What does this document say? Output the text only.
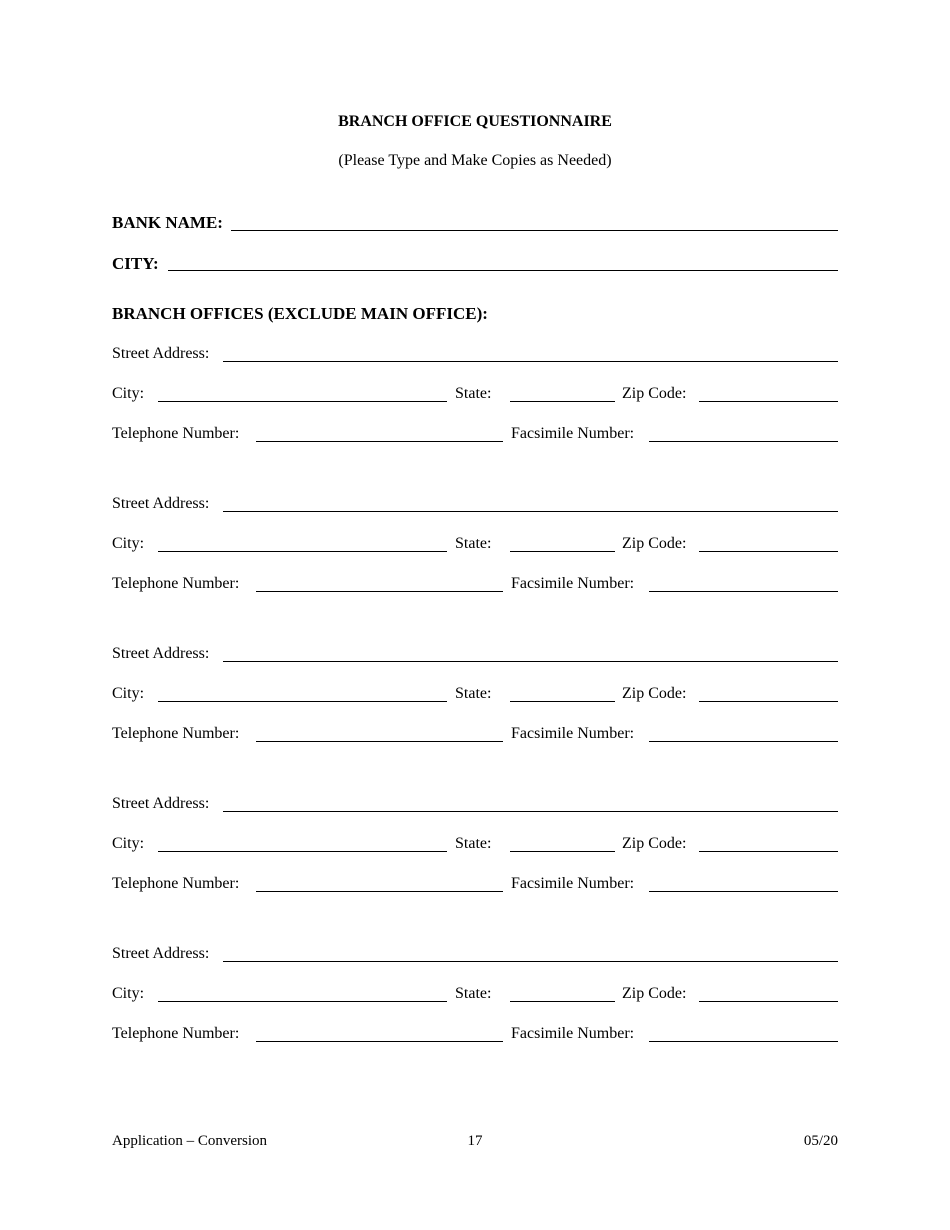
BRANCH OFFICE QUESTIONNAIRE
(Please Type and Make Copies as Needed)
BANK NAME:
CITY:
BRANCH OFFICES (EXCLUDE MAIN OFFICE):
Street Address:
City:	State:	Zip Code:
Telephone Number:	Facsimile Number:
Street Address:
City:	State:	Zip Code:
Telephone Number:	Facsimile Number:
Street Address:
City:	State:	Zip Code:
Telephone Number:	Facsimile Number:
Street Address:
City:	State:	Zip Code:
Telephone Number:	Facsimile Number:
Street Address:
City:	State:	Zip Code:
Telephone Number:	Facsimile Number:
Application – Conversion	17	05/20
